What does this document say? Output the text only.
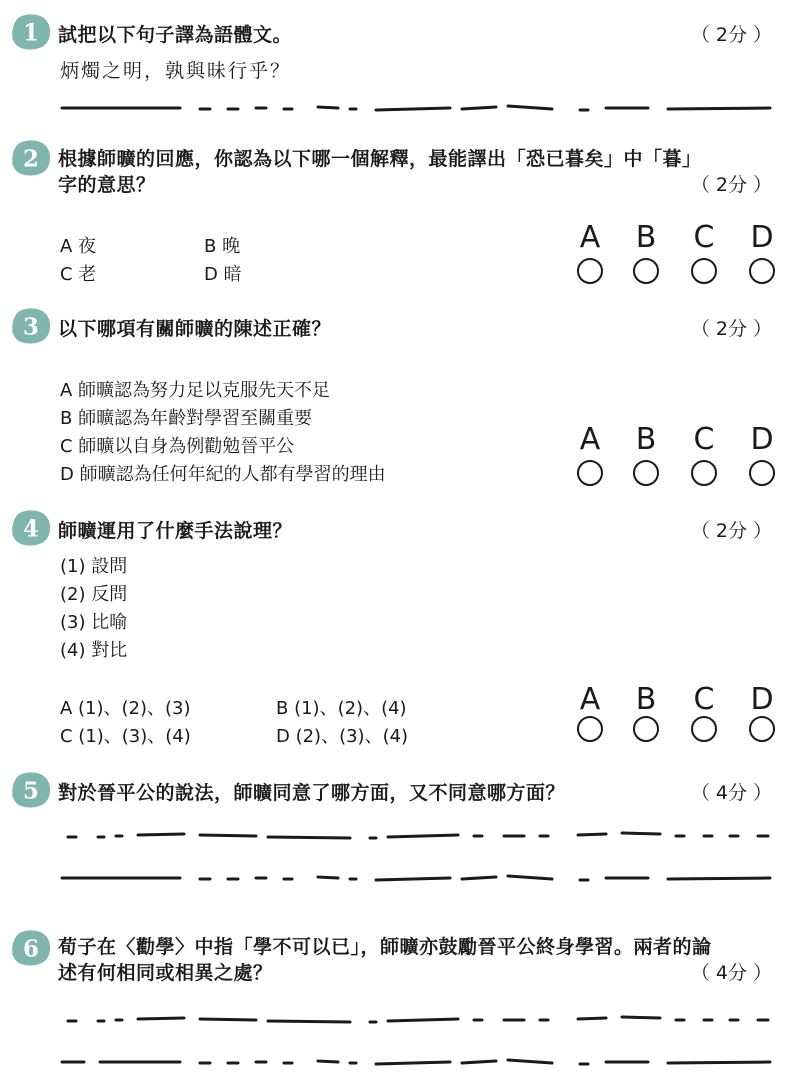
1 試把以下句子譯為語體文。	（ 2分 ）
炳燭之明，孰與昧行乎？
2 根據師曠的回應，你認為以下哪一個解釋，最能譯出「恐已暮矣」中「暮」
字的意思？	（ 2分 ）
A 夜	B 晚
C 老	D 暗
A B C D
3 以下哪項有關師曠的陳述正確？	（ 2分 ）
A 師曠認為努力足以克服先天不足
B 師曠認為年齡對學習至關重要
C 師曠以自身為例勸勉晉平公
D 師曠認為任何年紀的人都有學習的理由
A B C D
4 師曠運用了什麼手法說理？	（ 2分 ）
(1) 設問
(2) 反問
(3) 比喻
(4) 對比
A (1)、(2)、(3)	B (1)、(2)、(4)
C (1)、(3)、(4)	D (2)、(3)、(4)
A B C D
5 對於晉平公的說法，師曠同意了哪方面，又不同意哪方面？	（ 4分 ）
6 荀子在〈勸學〉中指「學不可以已」，師曠亦鼓勵晉平公終身學習。兩者的論
述有何相同或相異之處？	（ 4分 ）
